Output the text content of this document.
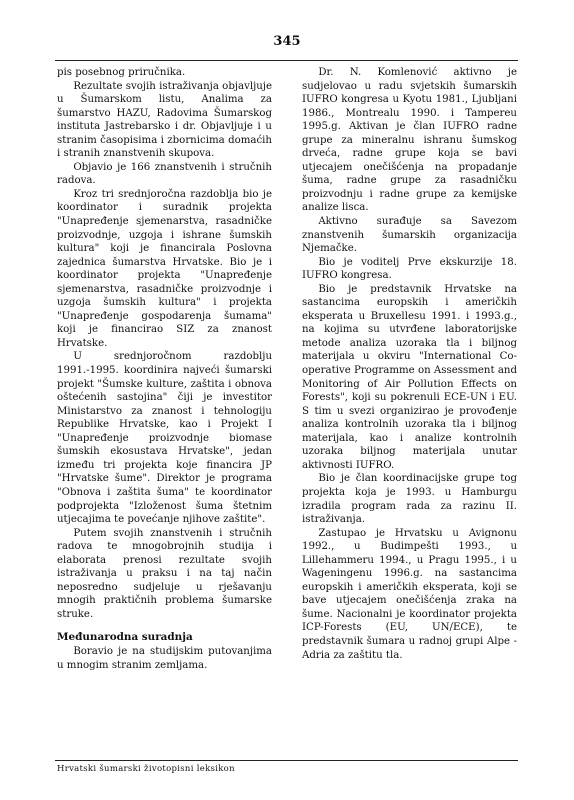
345

pis posebnog priručnika.

Rezultate svojih istraživanja objavljuje u Šumarskom listu, Analima za šumarstvo HAZU, Radovima Šumarskog instituta Jastrebarsko i dr. Objavljuje i u stranim časopisima i zbornicima domaćih i stranih znanstvenih skupova.

Objavio je 166 znanstvenih i stručnih radova.

Kroz tri srednjoročna razdoblja bio je koordinator i suradnik projekta "Unapređenje sjemenarstva, rasadničke proizvodnje, uzgoja i ishrane šumskih kultura" koji je financirala Poslovna zajednica šumarstva Hrvatske. Bio je i koordinator projekta "Unapređenje sjemenarstva, rasadničke proizvodnje i uzgoja šumskih kultura" i projekta "Unapređenje gospodarenja šumama" koji je financirao SIZ za znanost Hrvatske.

U srednjoročnom razdoblju 1991.-1995. koordinira najveći šumarski projekt "Šumske kulture, zaštita i obnova oštećenih sastojina" čiji je investitor Ministarstvo za znanost i tehnologiju Republike Hrvatske, kao i Projekt I "Unapređenje proizvodnje biomase šumskih ekosustava Hrvatske", jedan između tri projekta koje financira JP "Hrvatske šume". Direktor je programa "Obnova i zaštita šuma" te koordinator podprojekta "Izloženost šuma štetnim utjecajima te povećanje njihove zaštite".

Putem svojih znanstvenih i stručnih radova te mnogobrojnih studija i elaborata prenosi rezultate svojih istraživanja u praksu i na taj način neposredno sudjeluje u rješavanju mnogih praktičnih problema šumarske struke.

Međunarodna suradnja

Boravio je na studijskim putovanjima u mnogim stranim zemljama.

Dr. N. Komlenović aktivno je sudjelovao u radu svjetskih šumarskih IUFRO kongresa u Kyotu 1981., Ljubljani 1986., Montrealu 1990. i Tampereu 1995.g. Aktivan je član IUFRO radne grupe za mineralnu ishranu šumskog drveća, radne grupe koja se bavi utjecajem onečišćenja na propadanje šuma, radne grupe za rasadničku proizvodnju i radne grupe za kemijske analize lisca.

Aktivno surađuje sa Savezom znanstvenih šumarskih organizacija Njemačke.

Bio je voditelj Prve ekskurzije 18. IUFRO kongresa.

Bio je predstavnik Hrvatske na sastancima europskih i američkih eksperata u Bruxellesu 1991. i 1993.g., na kojima su utvrđene laboratorijske metode analiza uzoraka tla i biljnog materijala u okviru "International Co-operative Programme on Assessment and Monitoring of Air Pollution Effects on Forests", koji su pokrenuli ECE-UN i EU. S tim u svezi organizirao je provođenje analiza kontrolnih uzoraka tla i biljnog materijala, kao i analize kontrolnih uzoraka biljnog materijala unutar aktivnosti IUFRO.

Bio je član koordinacijske grupe tog projekta koja je 1993. u Hamburgu izradila program rada za razinu II. istraživanja.

Zastupao je Hrvatsku u Avignonu 1992., u Budimpešti 1993., u Lillehammeru 1994., u Pragu 1995., i u Wageningenu 1996.g. na sastancima europskih i američkih eksperata, koji se bave utjecajem onečišćenja zraka na šume. Nacionalni je koordinator projekta ICP-Forests (EU, UN/ECE), te predstavnik šumara u radnoj grupi Alpe - Adria za zaštitu tla.

Hrvatski šumarski životopisni leksikon
